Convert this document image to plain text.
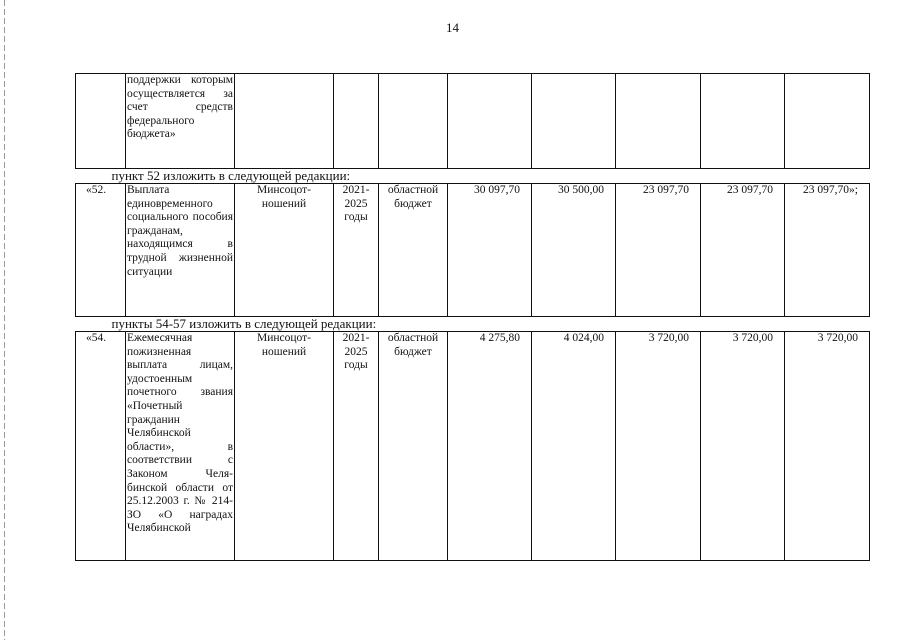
14
	поддержки которым осуществляется за счет средств федерального бюджета»								
пункт 52 изложить в следующей редакции:									
«52.	Выплата единовременного социального пособия гражданам, находящимся в трудной жизненной ситуации	Минсоцот-ношений	2021-2025 годы	областной бюджет	30 097,70	30 500,00	23 097,70	23 097,70	23 097,70»;
пункты 54-57 изложить в следующей редакции:									
«54.	Ежемесячная пожизненная выплата лицам, удостоенным почетного звания «Почетный гражданин Челябинской области», в соответствии с Законом Челя-бинской области от 25.12.2003 г. № 214-ЗО «О наградах Челябинской	Минсоцот-ношений	2021-2025 годы	областной бюджет	4 275,80	4 024,00	3 720,00	3 720,00	3 720,00
